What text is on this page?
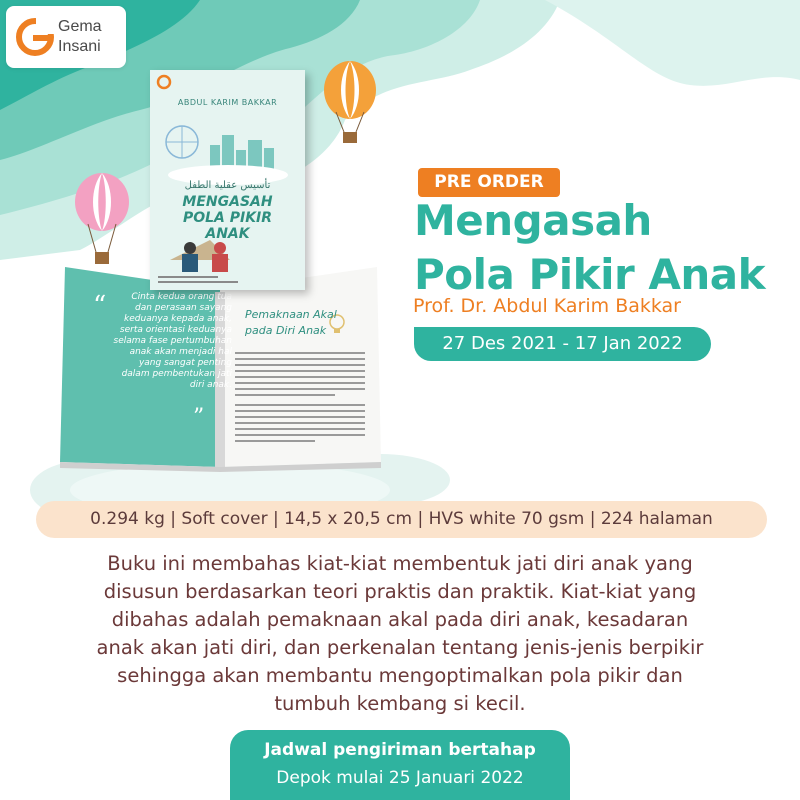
Gema
Insani
“
”
Cinta kedua orang tua dan perasaan sayang keduanya kepada anak, serta orientasi keduanya selama fase pertumbuhan anak akan menjadi hal yang sangat penting dalam pembentukan jati diri anak.
Pemaknaan Akal pada Diri Anak
ABDUL KARIM BAKKAR
تأسيس عقلية الطفل
MENGASAH
POLA PIKIR
ANAK
PRE ORDER
Mengasah
Pola Pikir Anak
Prof. Dr. Abdul Karim Bakkar
27 Des 2021 - 17 Jan 2022
0.294 kg | Soft cover | 14,5 x 20,5 cm | HVS white 70 gsm | 224 halaman
Buku ini membahas kiat-kiat membentuk jati diri anak yang
disusun berdasarkan teori praktis dan praktik. Kiat-kiat yang
dibahas adalah pemaknaan akal pada diri anak, kesadaran
anak akan jati diri, dan perkenalan tentang jenis-jenis berpikir
sehingga akan membantu mengoptimalkan pola pikir dan
tumbuh kembang si kecil.
Jadwal pengiriman bertahap
Depok mulai 25 Januari 2022
